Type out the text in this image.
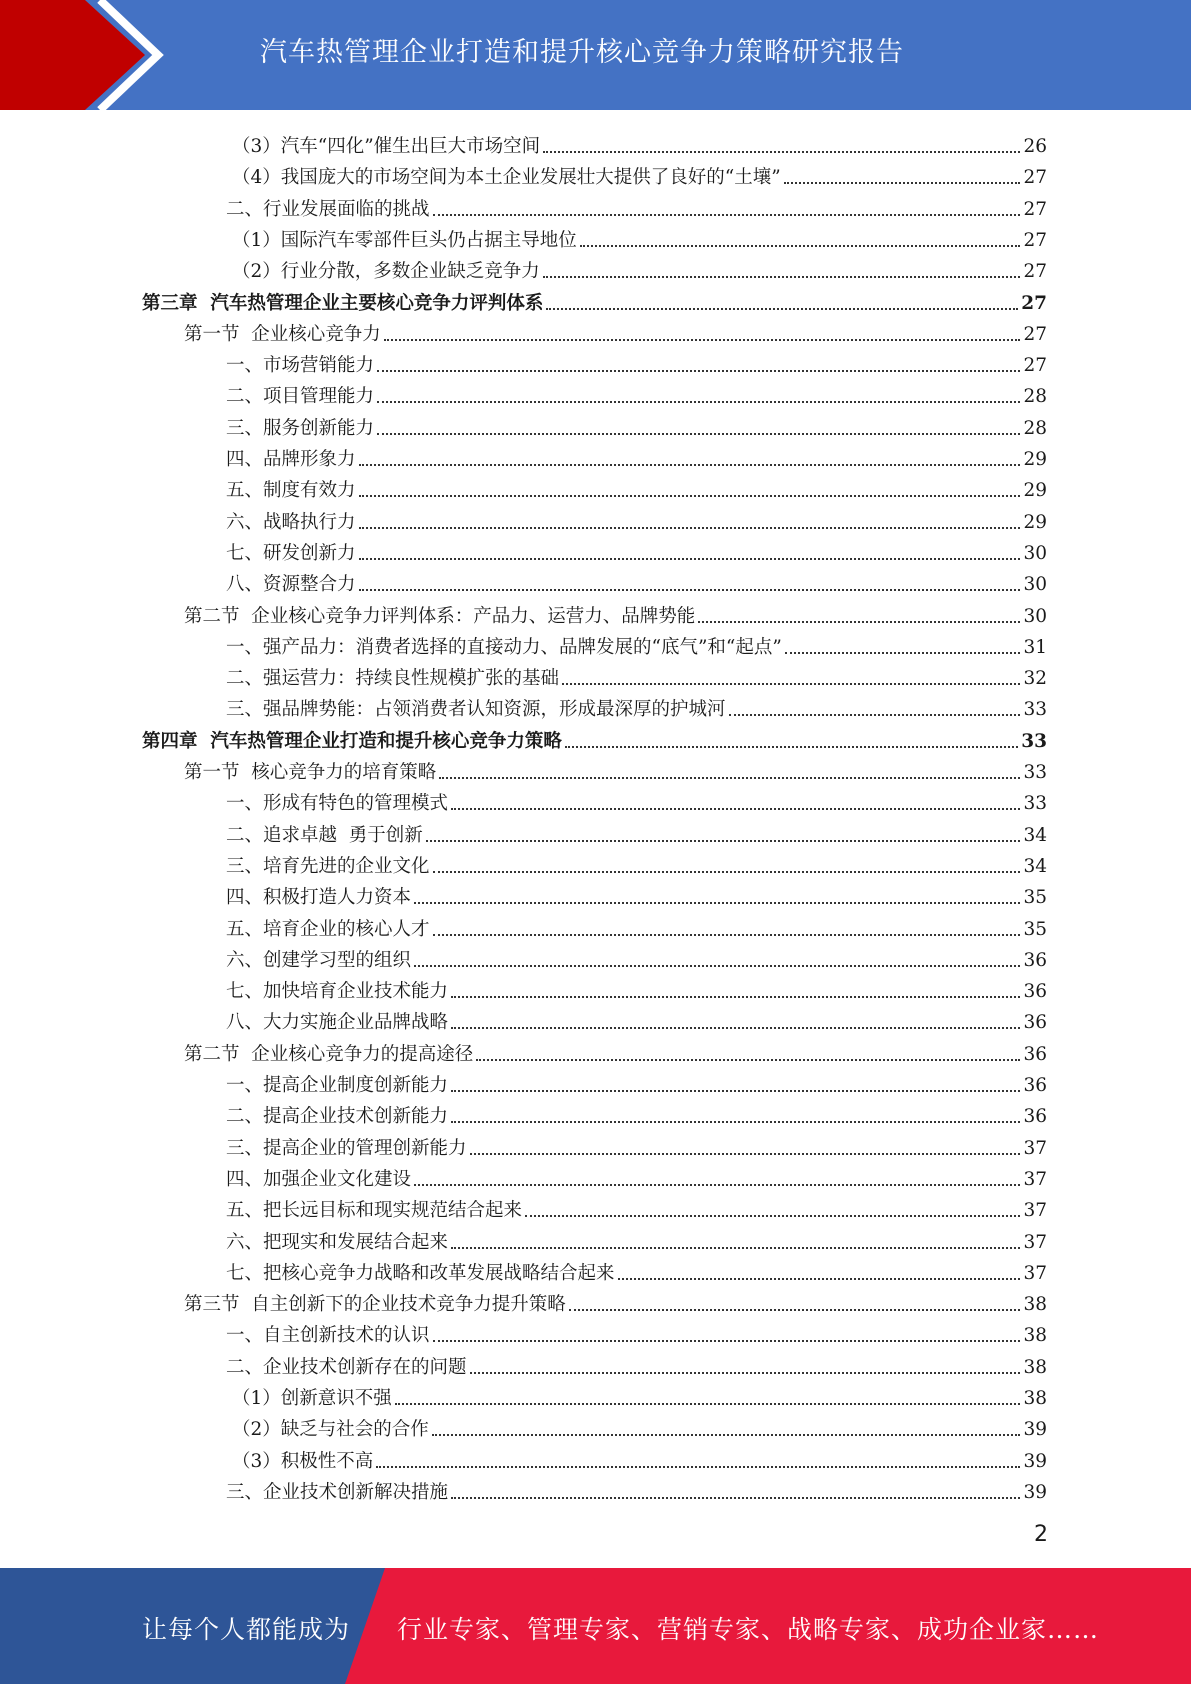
汽车热管理企业打造和提升核心竞争力策略研究报告
（3）汽车“四化”催生出巨大市场空间	26
（4）我国庞大的市场空间为本土企业发展壮大提供了良好的“土壤”	27
二、行业发展面临的挑战	27
（1）国际汽车零部件巨头仍占据主导地位	27
（2）行业分散，多数企业缺乏竞争力	27
第三章  汽车热管理企业主要核心竞争力评判体系	27
第一节  企业核心竞争力	27
一、市场营销能力	27
二、项目管理能力	28
三、服务创新能力	28
四、品牌形象力	29
五、制度有效力	29
六、战略执行力	29
七、研发创新力	30
八、资源整合力	30
第二节  企业核心竞争力评判体系：产品力、运营力、品牌势能	30
一、强产品力：消费者选择的直接动力、品牌发展的“底气”和“起点”	31
二、强运营力：持续良性规模扩张的基础	32
三、强品牌势能：占领消费者认知资源，形成最深厚的护城河	33
第四章  汽车热管理企业打造和提升核心竞争力策略	33
第一节  核心竞争力的培育策略	33
一、形成有特色的管理模式	33
二、追求卓越  勇于创新	34
三、培育先进的企业文化	34
四、积极打造人力资本	35
五、培育企业的核心人才	35
六、创建学习型的组织	36
七、加快培育企业技术能力	36
八、大力实施企业品牌战略	36
第二节  企业核心竞争力的提高途径	36
一、提高企业制度创新能力	36
二、提高企业技术创新能力	36
三、提高企业的管理创新能力	37
四、加强企业文化建设	37
五、把长远目标和现实规范结合起来	37
六、把现实和发展结合起来	37
七、把核心竞争力战略和改革发展战略结合起来	37
第三节  自主创新下的企业技术竞争力提升策略	38
一、自主创新技术的认识	38
二、企业技术创新存在的问题	38
（1）创新意识不强	38
（2）缺乏与社会的合作	39
（3）积极性不高	39
三、企业技术创新解决措施	39
2
让每个人都能成为 行业专家、管理专家、营销专家、战略专家、成功企业家……
